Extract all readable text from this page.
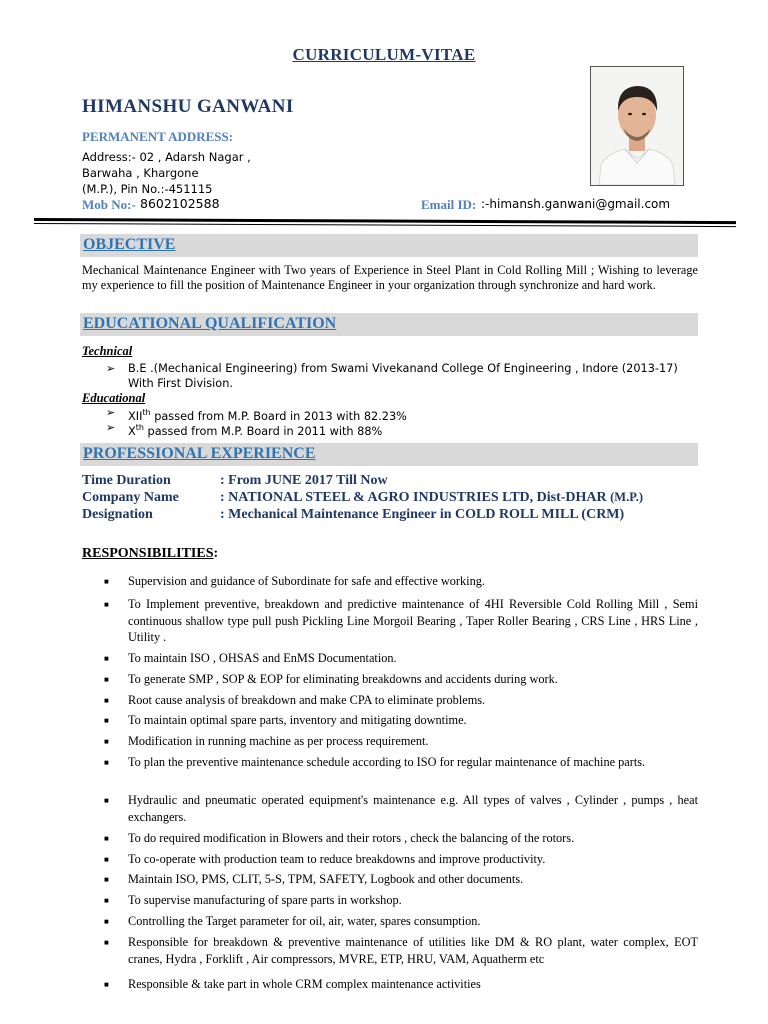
CURRICULUM-VITAE
HIMANSHU GANWANI
PERMANENT ADDRESS:
Address:- 02 , Adarsh Nagar ,
Barwaha , Khargone
(M.P.), Pin No.:-451115
Mob No:- 8602102588	Email ID: :-himansh.ganwani@gmail.com
OBJECTIVE
Mechanical Maintenance Engineer with Two years of Experience in Steel Plant in Cold Rolling Mill ; Wishing to leverage my experience to fill the position of Maintenance Engineer in your organization through synchronize and hard work.
EDUCATIONAL QUALIFICATION
Technical
➢ B.E .(Mechanical Engineering) from Swami Vivekanand College Of Engineering , Indore (2013-17) With First Division.
Educational
➢ XIIth passed from M.P. Board in 2013 with 82.23%
➢ Xth passed from M.P. Board in 2011 with 88%
PROFESSIONAL EXPERIENCE
Time Duration	: From JUNE 2017 Till Now
Company Name	: NATIONAL STEEL & AGRO INDUSTRIES LTD, Dist-DHAR (M.P.)
Designation	: Mechanical Maintenance Engineer in COLD ROLL MILL (CRM)
RESPONSIBILITIES:
■ Supervision and guidance of Subordinate for safe and effective working.
■ To Implement preventive, breakdown and predictive maintenance of 4HI Reversible Cold Rolling Mill , Semi continuous shallow type pull push Pickling Line Morgoil Bearing , Taper Roller Bearing , CRS Line , HRS Line , Utility .
■ To maintain ISO , OHSAS and EnMS Documentation.
■ To generate SMP , SOP & EOP for eliminating breakdowns and accidents during work.
■ Root cause analysis of breakdown and make CPA to eliminate problems.
■ To maintain optimal spare parts, inventory and mitigating downtime.
■ Modification in running machine as per process requirement.
■ To plan the preventive maintenance schedule according to ISO for regular maintenance of machine parts.
■ Hydraulic and pneumatic operated equipment's maintenance e.g. All types of valves , Cylinder , pumps , heat exchangers.
■ To do required modification in Blowers and their rotors , check the balancing of the rotors.
■ To co-operate with production team to reduce breakdowns and improve productivity.
■ Maintain ISO, PMS, CLIT, 5-S, TPM, SAFETY, Logbook and other documents.
■ To supervise manufacturing of spare parts in workshop.
■ Controlling the Target parameter for oil, air, water, spares consumption.
■ Responsible for breakdown & preventive maintenance of utilities like DM & RO plant, water complex, EOT cranes, Hydra , Forklift , Air compressors, MVRE, ETP, HRU, VAM, Aquatherm etc
■ Responsible & take part in whole CRM complex maintenance activities
